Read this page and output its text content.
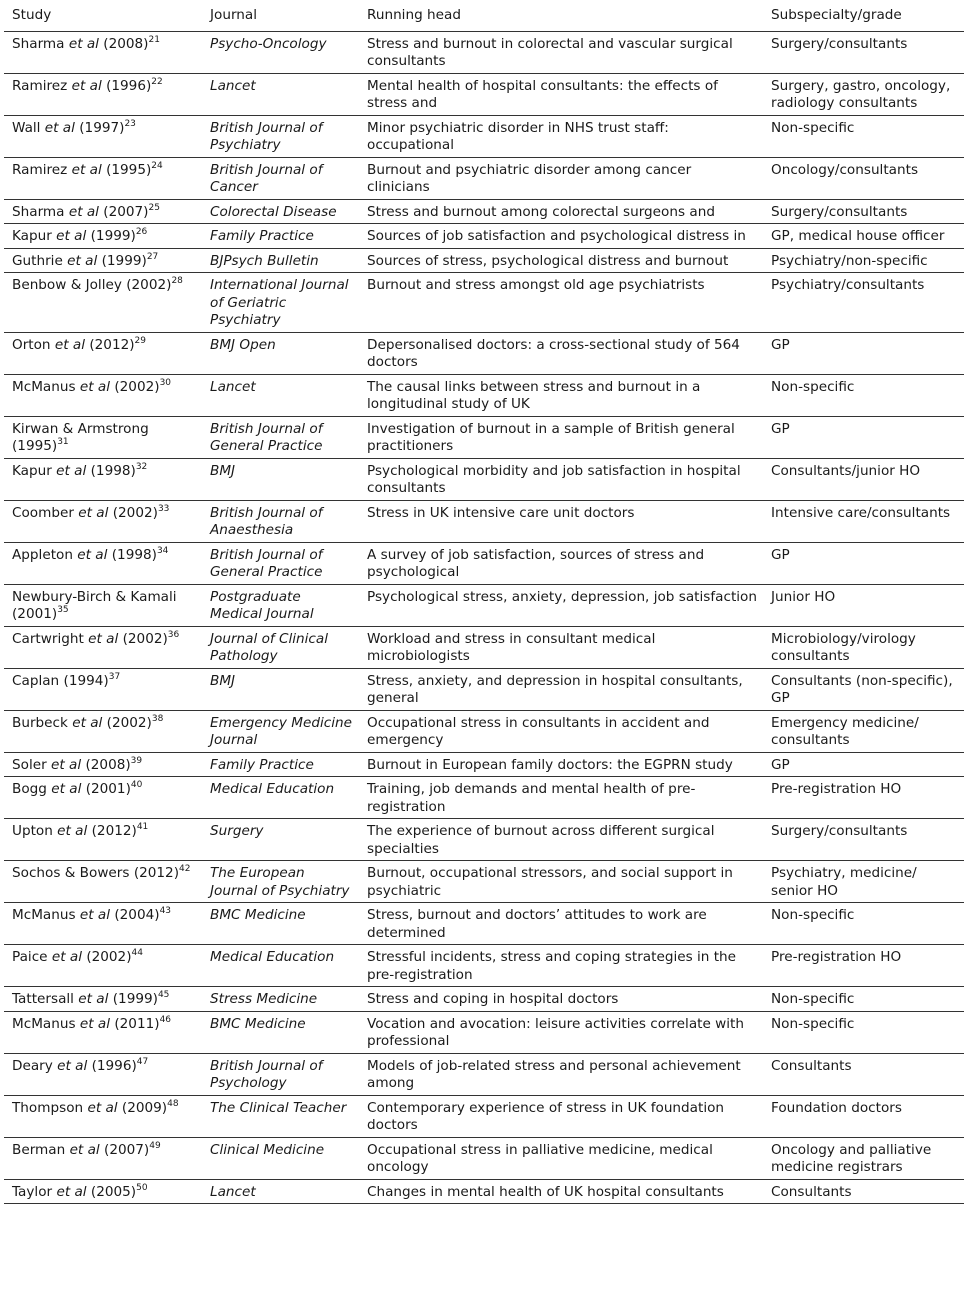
Study	Journal	Running head	Subspecialty/grade
Sharma et al $(2008)^{21}$	Psycho-Oncology	Stress and burnout in colorectal and vascular surgical consultants	Surgery/consultants
Ramirez et al $(1996)^{22}$	Lancet	Mental health of hospital consultants: the effects of stress and	Surgery, gastro, oncology, radiology consultants
Wall et al $(1997)^{23}$	British Journal of Psychiatry	Minor psychiatric disorder in NHS trust staff: occupational	Non-specific
Ramirez et al $(1995)^{24}$	British Journal of Cancer	Burnout and psychiatric disorder among cancer clinicians	Oncology/consultants
Sharma et al $(2007)^{25}$	Colorectal Disease	Stress and burnout among colorectal surgeons and	Surgery/consultants
Kapur et al $(1999)^{26}$	Family Practice	Sources of job satisfaction and psychological distress in	GP, medical house officer
Guthrie et al $(1999)^{27}$	BJPsych Bulletin	Sources of stress, psychological distress and burnout	Psychiatry/non-specific
Benbow & Jolley $(2002)^{28}$	International Journal of Geriatric Psychiatry	Burnout and stress amongst old age psychiatrists	Psychiatry/consultants
Orton et al $(2012)^{29}$	BMJ Open	Depersonalised doctors: a cross-sectional study of 564 doctors	GP
McManus et al $(2002)^{30}$	Lancet	The causal links between stress and burnout in a longitudinal study of UK	Non-specific
Kirwan & Armstrong $(1995)^{31}$	British Journal of General Practice	Investigation of burnout in a sample of British general practitioners	GP
Kapur et al $(1998)^{32}$	BMJ	Psychological morbidity and job satisfaction in hospital consultants	Consultants/junior HO
Coomber et al $(2002)^{33}$	British Journal of Anaesthesia	Stress in UK intensive care unit doctors	Intensive care/consultants
Appleton et al $(1998)^{34}$	British Journal of General Practice	A survey of job satisfaction, sources of stress and psychological	GP
Newbury-Birch & Kamali $(2001)^{35}$	Postgraduate Medical Journal	Psychological stress, anxiety, depression, job satisfaction	Junior HO
Cartwright et al $(2002)^{36}$	Journal of Clinical Pathology	Workload and stress in consultant medical microbiologists	Microbiology/virology consultants
Caplan $(1994)^{37}$	BMJ	Stress, anxiety, and depression in hospital consultants, general	Consultants (non-specific), GP
Burbeck et al $(2002)^{38}$	Emergency Medicine Journal	Occupational stress in consultants in accident and emergency	Emergency medicine/ consultants
Soler et al $(2008)^{39}$	Family Practice	Burnout in European family doctors: the EGPRN study	GP
Bogg et al $(2001)^{40}$	Medical Education	Training, job demands and mental health of pre-registration	Pre-registration HO
Upton et al $(2012)^{41}$	Surgery	The experience of burnout across different surgical specialties	Surgery/consultants
Sochos & Bowers $(2012)^{42}$	The European Journal of Psychiatry	Burnout, occupational stressors, and social support in psychiatric	Psychiatry, medicine/ senior HO
McManus et al $(2004)^{43}$	BMC Medicine	Stress, burnout and doctors’ attitudes to work are determined	Non-specific
Paice et al $(2002)^{44}$	Medical Education	Stressful incidents, stress and coping strategies in the pre-registration	Pre-registration HO
Tattersall et al $(1999)^{45}$	Stress Medicine	Stress and coping in hospital doctors	Non-specific
McManus et al $(2011)^{46}$	BMC Medicine	Vocation and avocation: leisure activities correlate with professional	Non-specific
Deary et al $(1996)^{47}$	British Journal of Psychology	Models of job-related stress and personal achievement among	Consultants
Thompson et al $(2009)^{48}$	The Clinical Teacher	Contemporary experience of stress in UK foundation doctors	Foundation doctors
Berman et al $(2007)^{49}$	Clinical Medicine	Occupational stress in palliative medicine, medical oncology	Oncology and palliative medicine registrars
Taylor et al $(2005)^{50}$	Lancet	Changes in mental health of UK hospital consultants	Consultants
